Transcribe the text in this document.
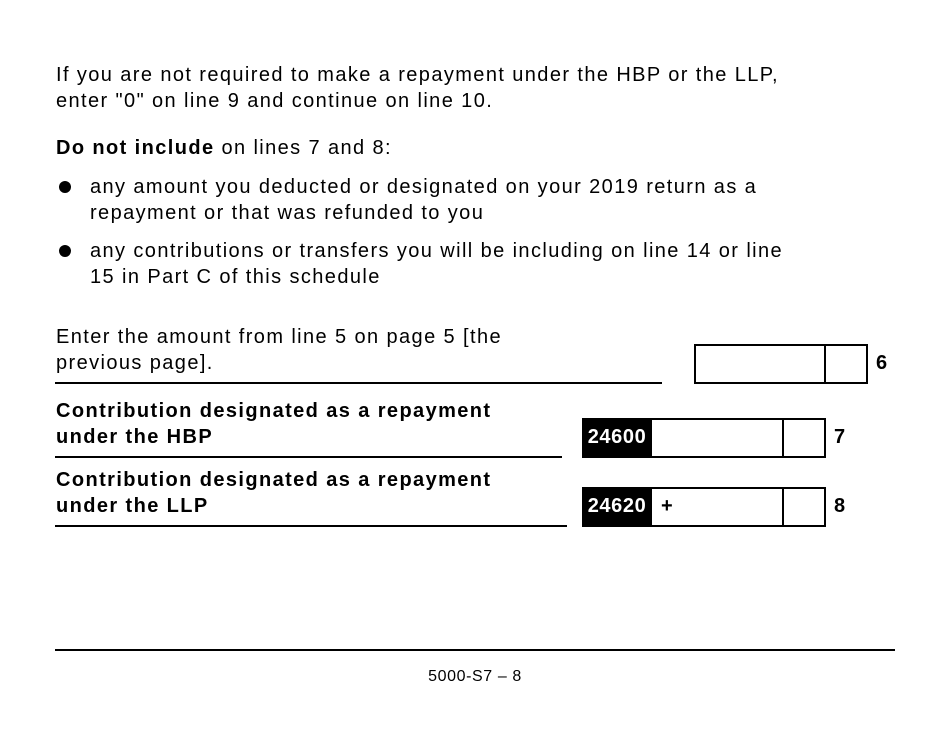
If you are not required to make a repayment under the HBP or the LLP,
enter "0" on line 9 and continue on line 10.
Do not include on lines 7 and 8:
any amount you deducted or designated on your 2019 return as a
repayment or that was refunded to you
any contributions or transfers you will be including on line 14 or line
15 in Part C of this schedule
Enter the amount from line 5 on page 5 [the
previous page].	6
Contribution designated as a repayment
under the HBP	24600	7
Contribution designated as a repayment
under the LLP	24620 +	8
5000-S7 – 8
